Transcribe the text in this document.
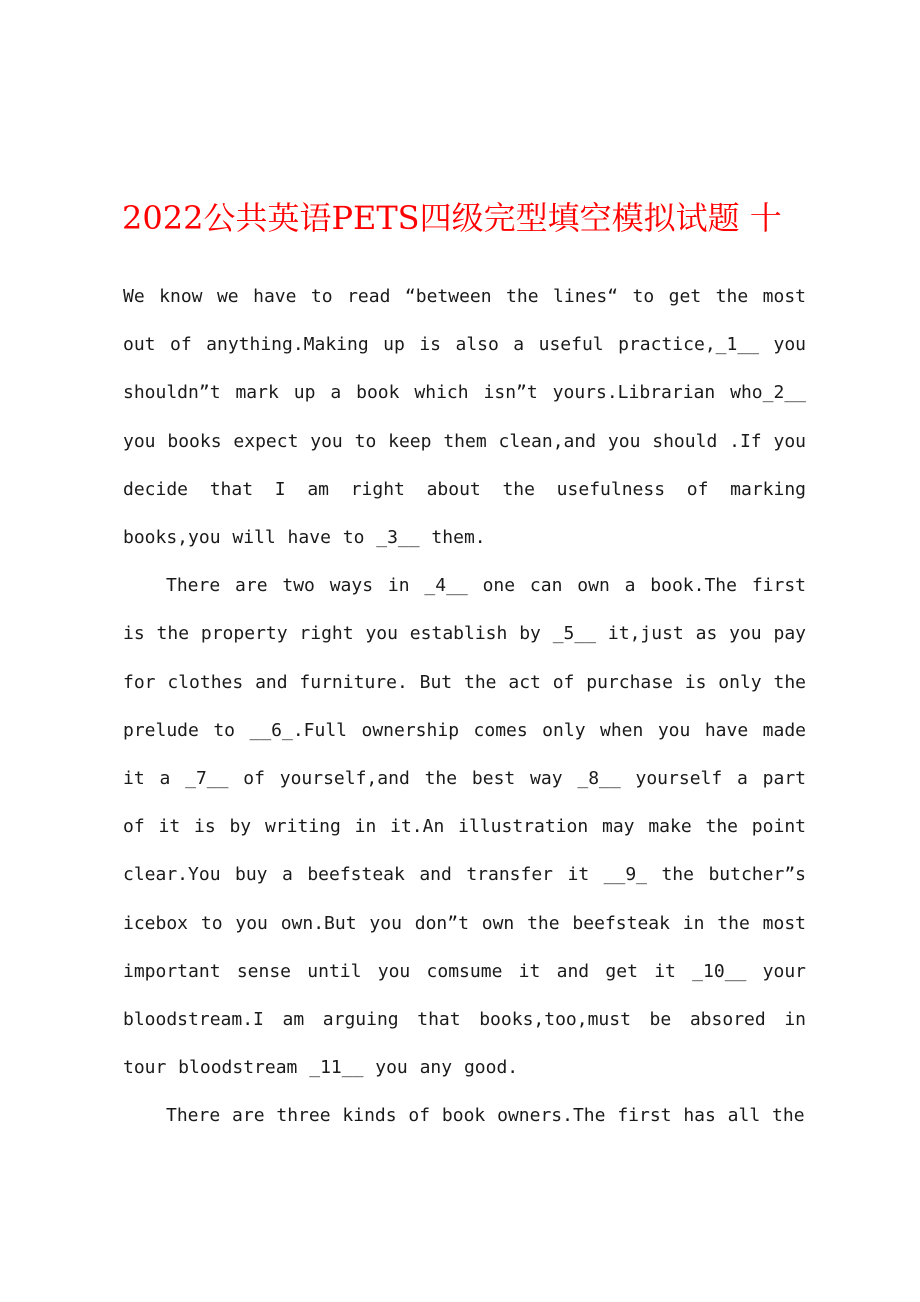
2022公共英语PETS四级完型填空模拟试题 十

We know we have to read “between the lines“ to get the most out of anything.Making up is also a useful practice,_1__ you shouldn”t mark up a book which isn”t yours.Librarian who_2__ you books expect you to keep them clean,and you should .If you decide that I am right about the usefulness of marking books,you will have to _3__ them.

There are two ways in _4__ one can own a book.The first is the property right you establish by _5__ it,just as you pay for clothes and furniture. But the act of purchase is only the prelude to __6_.Full ownership comes only when you have made it a _7__ of yourself,and the best way _8__ yourself a part of it is by writing in it.An illustration may make the point clear.You buy a beefsteak and transfer it __9_ the butcher”s icebox to you own.But you don”t own the beefsteak in the most important sense until you comsume it and get it _10__ your bloodstream.I am arguing that books,too,must be absored in tour bloodstream _11__ you any good.

There are three kinds of book owners.The first has all the
